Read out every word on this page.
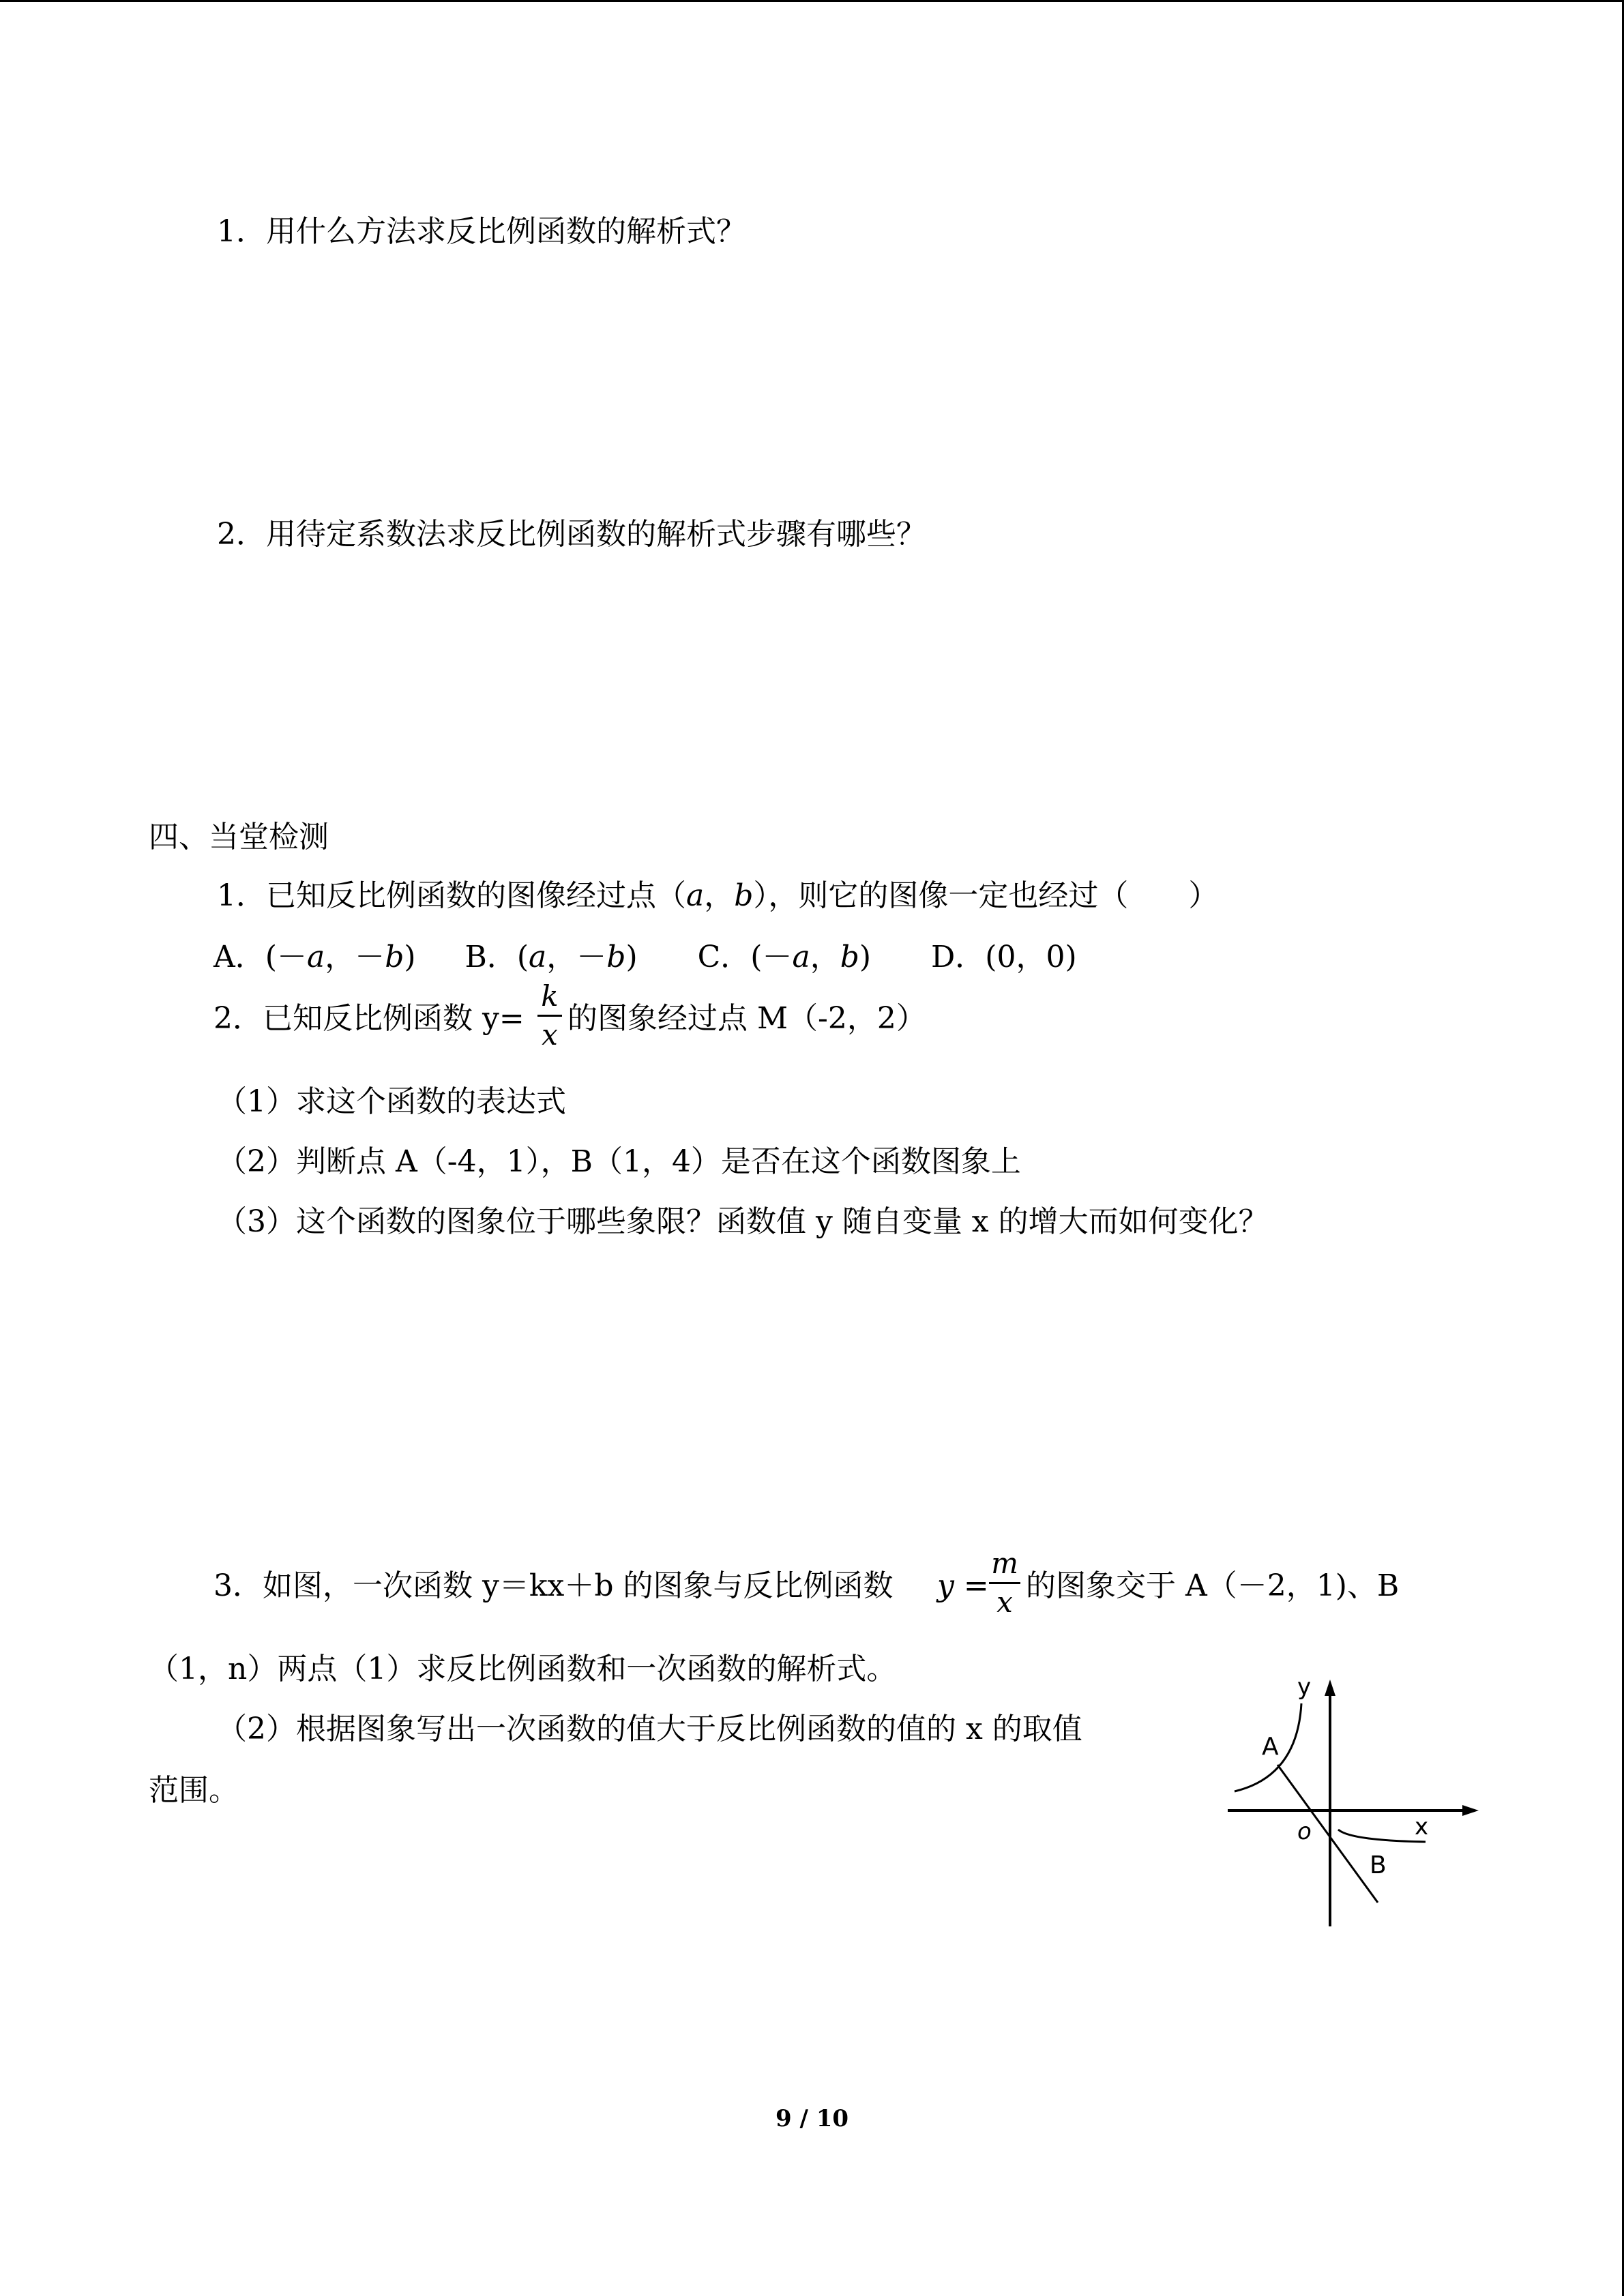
1．用什么方法求反比例函数的解析式？
2．用待定系数法求反比例函数的解析式步骤有哪些？
四、当堂检测
1．已知反比例函数的图像经过点（a，b），则它的图像一定也经过（　　）
A．(－a，－b) B．(a，－b) C．(－a，b) D．(0，0)
2．已知反比例函数 y=
k
x 的图象经过点 M（-2，2）
（1）求这个函数的表达式
（2）判断点 A（-4，1），B（1，4）是否在这个函数图象上
（3）这个函数的图象位于哪些象限？函数值 y 随自变量 x 的增大而如何变化？
3．如图，一次函数 y＝kx＋b 的图象与反比例函数 y =
m
x 的图象交于 A（－2，1)、B
（1，n）两点（1）求反比例函数和一次函数的解析式。
（2）根据图象写出一次函数的值大于反比例函数的值的 x 的取值
范围。
y
x
o
A
B
9 / 10
